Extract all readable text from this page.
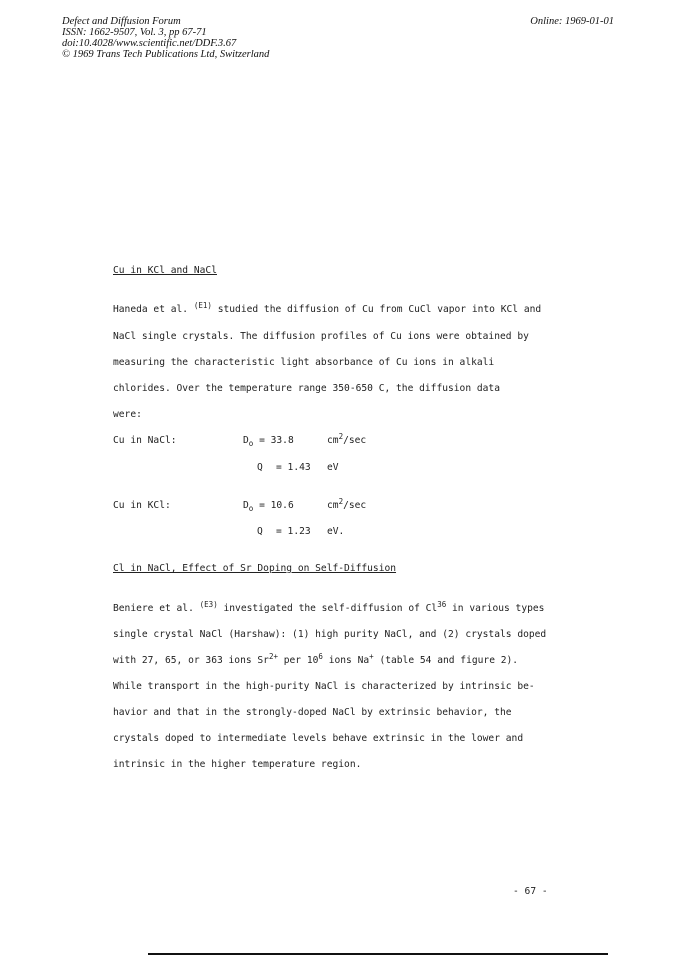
Defect and Diffusion Forum
ISSN: 1662-9507, Vol. 3, pp 67-71
doi:10.4028/www.scientific.net/DDF.3.67
© 1969 Trans Tech Publications Ltd, Switzerland
Online: 1969-01-01
Cu in KCl and NaCl
Haneda et al. $^{(E1)}$ studied the diffusion of Cu from CuCl vapor into KCl and
NaCl single crystals. The diffusion profiles of Cu ions were obtained by
measuring the characteristic light absorbance of Cu ions in alkali
chlorides. Over the temperature range 350-650 C, the diffusion data
were:
Cu in NaCl:	$D_o = 33.8$	$cm^2/\sec$
Q = 1.43 eV
Cu in KCl:	$D_o = 10.6$	$cm^2/\sec$
Q = 1.23 eV.
Cl in NaCl, Effect of Sr Doping on Self-Diffusion
Beniere et al. $^{(E3)}$ investigated the self-diffusion of Cl$^{36}$ in various types
single crystal NaCl (Harshaw): (1) high purity NaCl, and (2) crystals doped
with 27, 65, or 363 ions $Sr^{2+}$ per $10^6$ ions Na+ (table 54 and figure 2).
While transport in the high-purity NaCl is characterized by intrinsic be-
havior and that in the strongly-doped NaCl by extrinsic behavior, the
crystals doped to intermediate levels behave extrinsic in the lower and
intrinsic in the higher temperature region.
- 67 -
